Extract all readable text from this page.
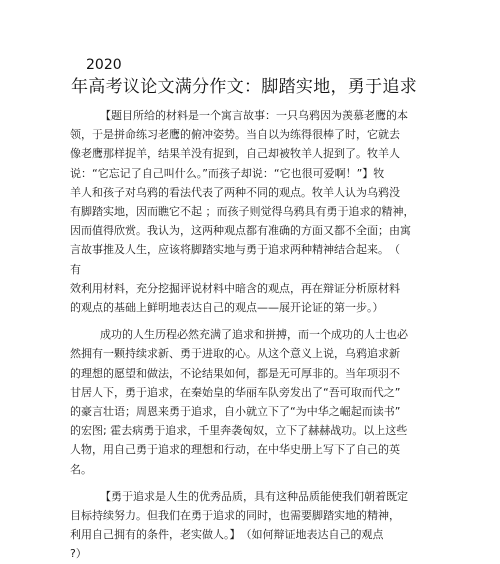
2020
年高考议论文满分作文：脚踏实地，勇于追求
【题目所给的材料是一个寓言故事：一只乌鸦因为羡慕老鹰的本
领，于是拼命练习老鹰的俯冲姿势。当自以为练得很棒了时，它就去
像老鹰那样捉羊，结果羊没有捉到，自己却被牧羊人捉到了。牧羊人
说：“它忘记了自己叫什么。”而孩子却说：“它也很可爱啊！”】牧
羊人和孩子对乌鸦的看法代表了两种不同的观点。牧羊人认为乌鸦没
有脚踏实地，因而瞧它不起 ；而孩子则觉得乌鸦具有勇于追求的精神，
因而值得欣赏。我认为，这两种观点都有准确的方面又都不全面；由寓
言故事推及人生，应该将脚踏实地与勇于追求两种精神结合起来。　（
有
效利用材料，充分挖掘评说材料中暗含的观点，再在辩证分析原材料
的观点的基础上鲜明地表达自己的观点——展开论证的第一步。）
成功的人生历程必然充满了追求和拼搏，而一个成功的人士也必
然拥有一颗持续求新、勇于进取的心。从这个意义上说，乌鸦追求新
的理想的愿望和做法，不论结果如何，都是无可厚非的。当年项羽不
甘居人下，勇于追求，在秦始皇的华丽车队旁发出了“吾可取而代之”
的豪言壮语；周恩来勇于追求，自小就立下了“为中华之崛起而读书”
的宏图; 霍去病勇于追求，千里奔袭匈奴，立下了赫赫战功。以上这些
人物，用自己勇于追求的理想和行动，在中华史册上写下了自己的英
名。
【勇于追求是人生的优秀品质，具有这种品质能使我们朝着既定
目标持续努力。但我们在勇于追求的同时，也需要脚踏实地的精神，
利用自己拥有的条件，老实做人。】　（如何辩证地表达自己的观点
?）
